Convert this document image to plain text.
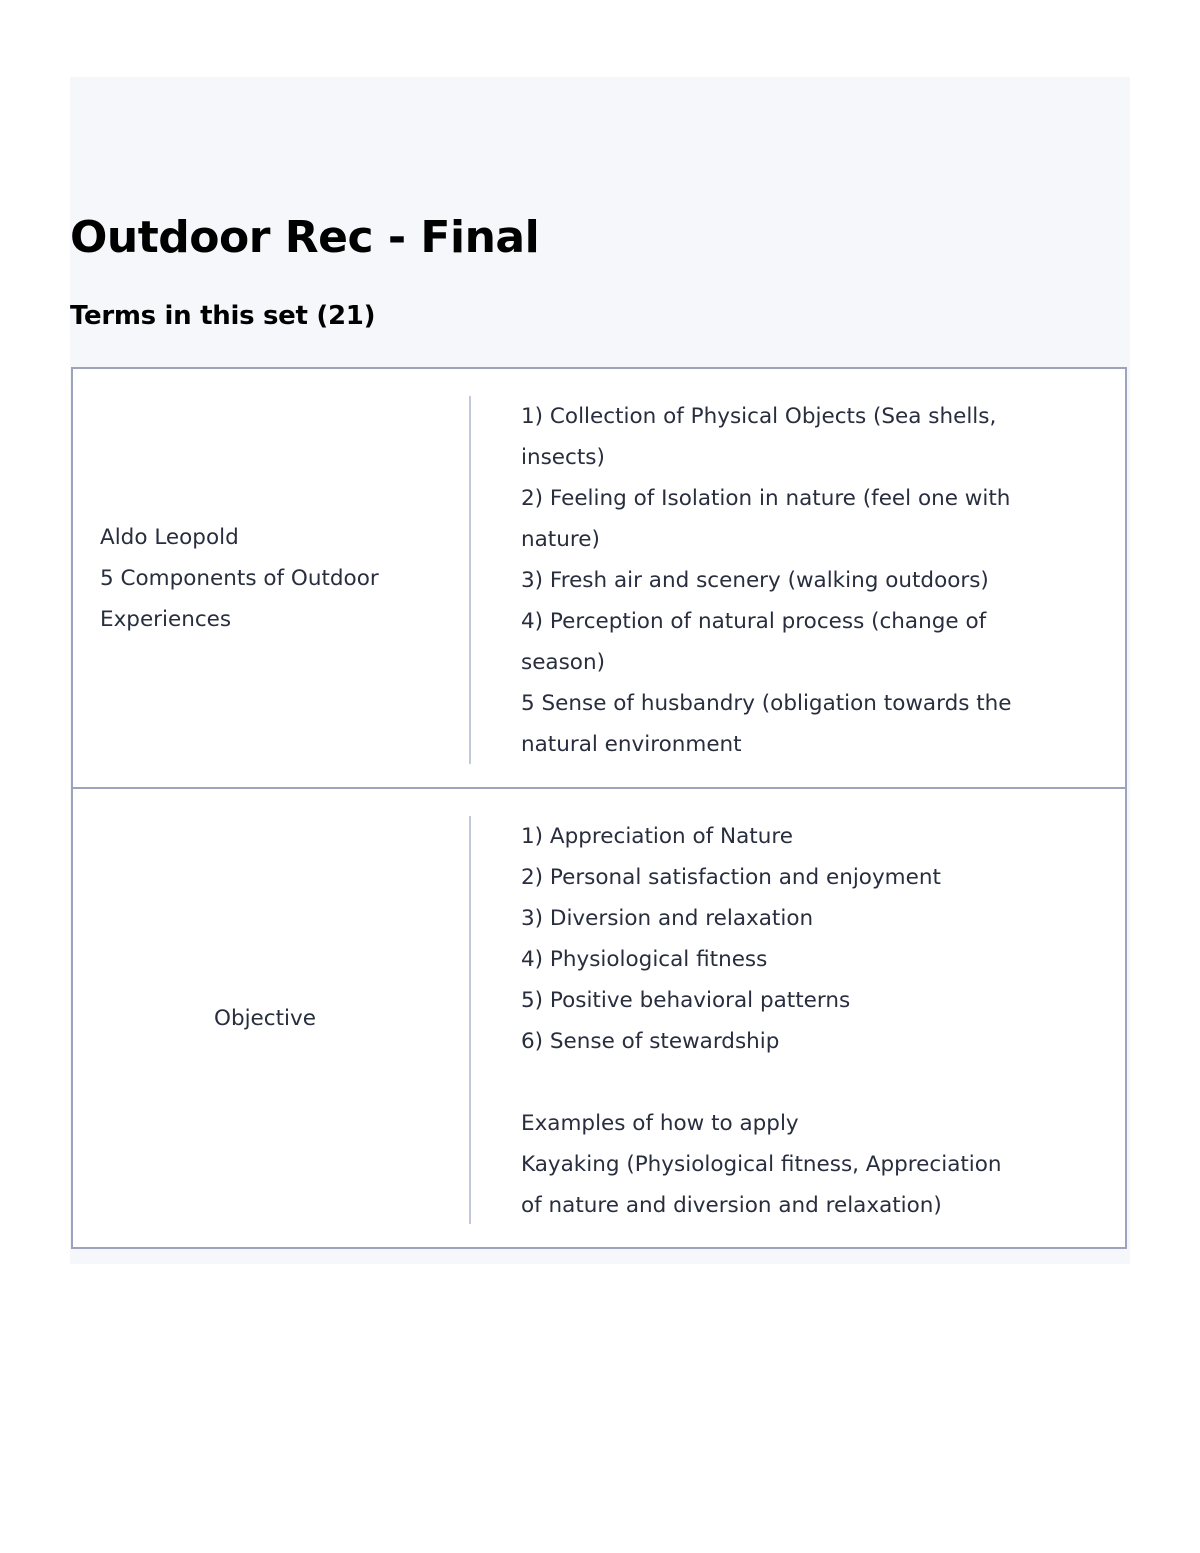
Outdoor Rec - Final
Terms in this set (21)
Aldo Leopold
5 Components of Outdoor
Experiences
1) Collection of Physical Objects (Sea shells,
insects)
2) Feeling of Isolation in nature (feel one with
nature)
3) Fresh air and scenery (walking outdoors)
4) Perception of natural process (change of
season)
5 Sense of husbandry (obligation towards the
natural environment
Objective
1) Appreciation of Nature
2) Personal satisfaction and enjoyment
3) Diversion and relaxation
4) Physiological fitness
5) Positive behavioral patterns
6) Sense of stewardship

Examples of how to apply
Kayaking (Physiological fitness, Appreciation
of nature and diversion and relaxation)
